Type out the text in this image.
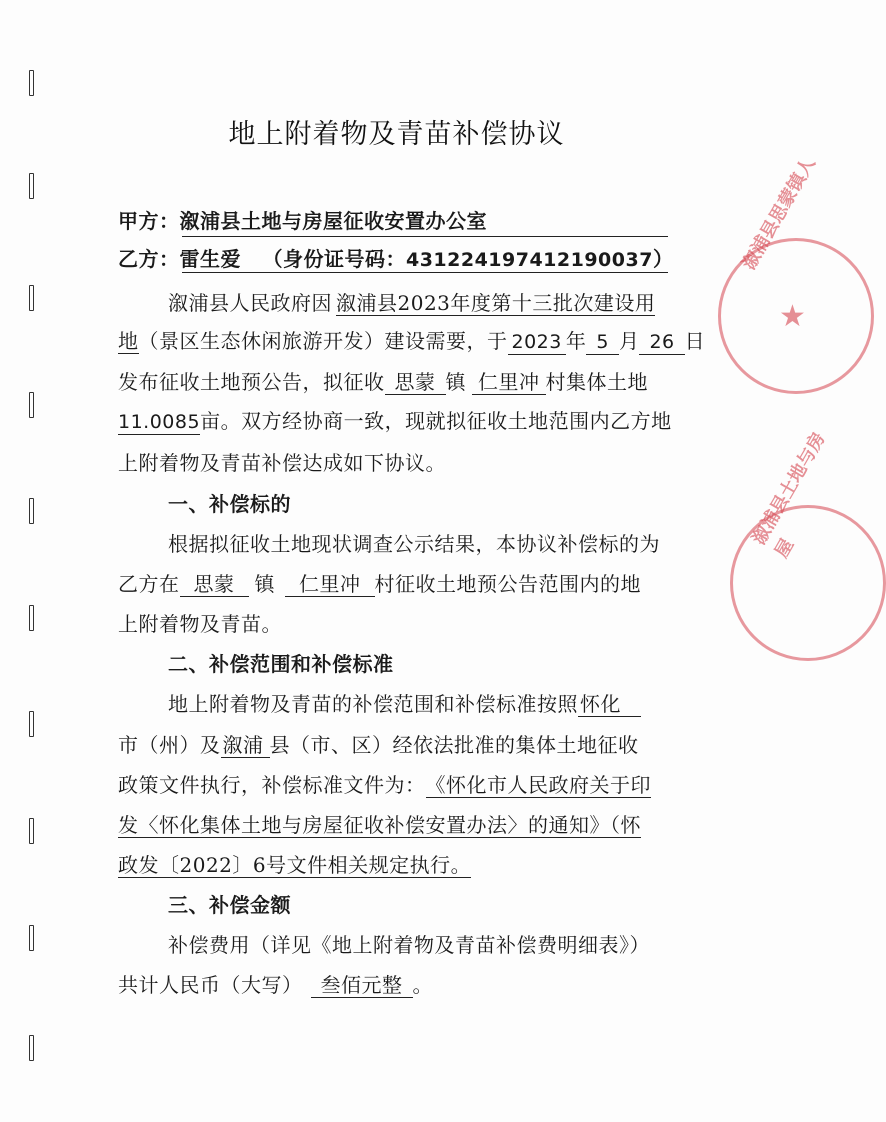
溆浦县思蒙镇人
★
溆浦县土地与房屋
地上附着物及青苗补偿协议
甲方：溆浦县土地与房屋征收安置办公室
乙方：雷生爱 （身份证号码：431224197412190037）
溆浦县人民政府因 溆浦县2023年度第十三批次建设用
地（景区生态休闲旅游开发）建设需要，于 2023 年 5 月 26 日
发布征收土地预公告，拟征收 思蒙 镇 仁里冲 村集体土地
11.0085亩。双方经协商一致，现就拟征收土地范围内乙方地
上附着物及青苗补偿达成如下协议。
一、补偿标的
根据拟征收土地现状调查公示结果，本协议补偿标的为
乙方在 思蒙 镇 仁里冲 村征收土地预公告范围内的地
上附着物及青苗。
二、补偿范围和补偿标准
地上附着物及青苗的补偿范围和补偿标准按照 怀化
市（州）及 溆浦 县（市、区）经依法批准的集体土地征收
政策文件执行，补偿标准文件为：《怀化市人民政府关于印
发〈怀化集体土地与房屋征收补偿安置办法〉的通知》（怀
政发〔2022〕6号文件相关规定执行。
三、补偿金额
补偿费用（详见《地上附着物及青苗补偿费明细表》）
共计人民币（大写） 叁佰元整 。
